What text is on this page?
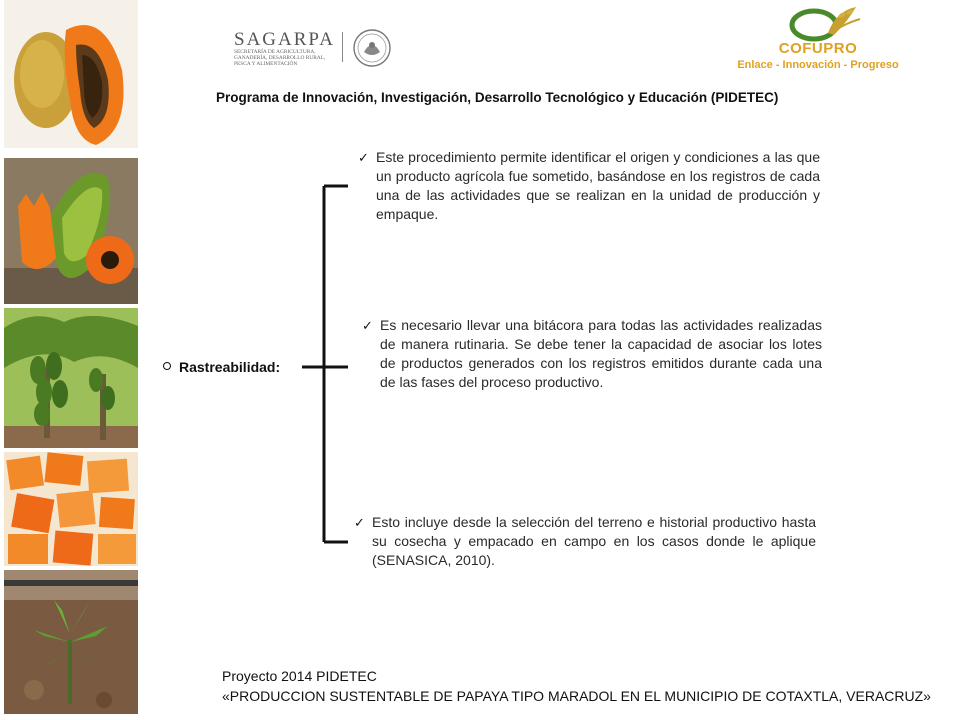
SAGARPA
SECRETARÍA DE AGRICULTURA, GANADERÍA, DESARROLLO RURAL, PESCA Y ALIMENTACIÓN
COFUPRO
Enlace - Innovación - Progreso
Programa de Innovación, Investigación, Desarrollo Tecnológico y Educación (PIDETEC)
Rastreabilidad:
✓ Este procedimiento permite identificar el origen y condiciones a las que un producto agrícola fue sometido, basándose en los registros de cada una de las actividades que se realizan en la unidad de producción y empaque.
✓ Es necesario llevar una bitácora para todas las actividades realizadas de manera rutinaria. Se debe tener la capacidad de asociar los lotes de productos generados con los registros emitidos durante cada una de las fases del proceso productivo.
✓ Esto incluye desde la selección del terreno e historial productivo hasta su cosecha y empacado en campo en los casos donde le aplique (SENASICA, 2010).
Proyecto 2014 PIDETEC
«PRODUCCION SUSTENTABLE DE PAPAYA TIPO MARADOL EN EL MUNICIPIO DE COTAXTLA, VERACRUZ»
